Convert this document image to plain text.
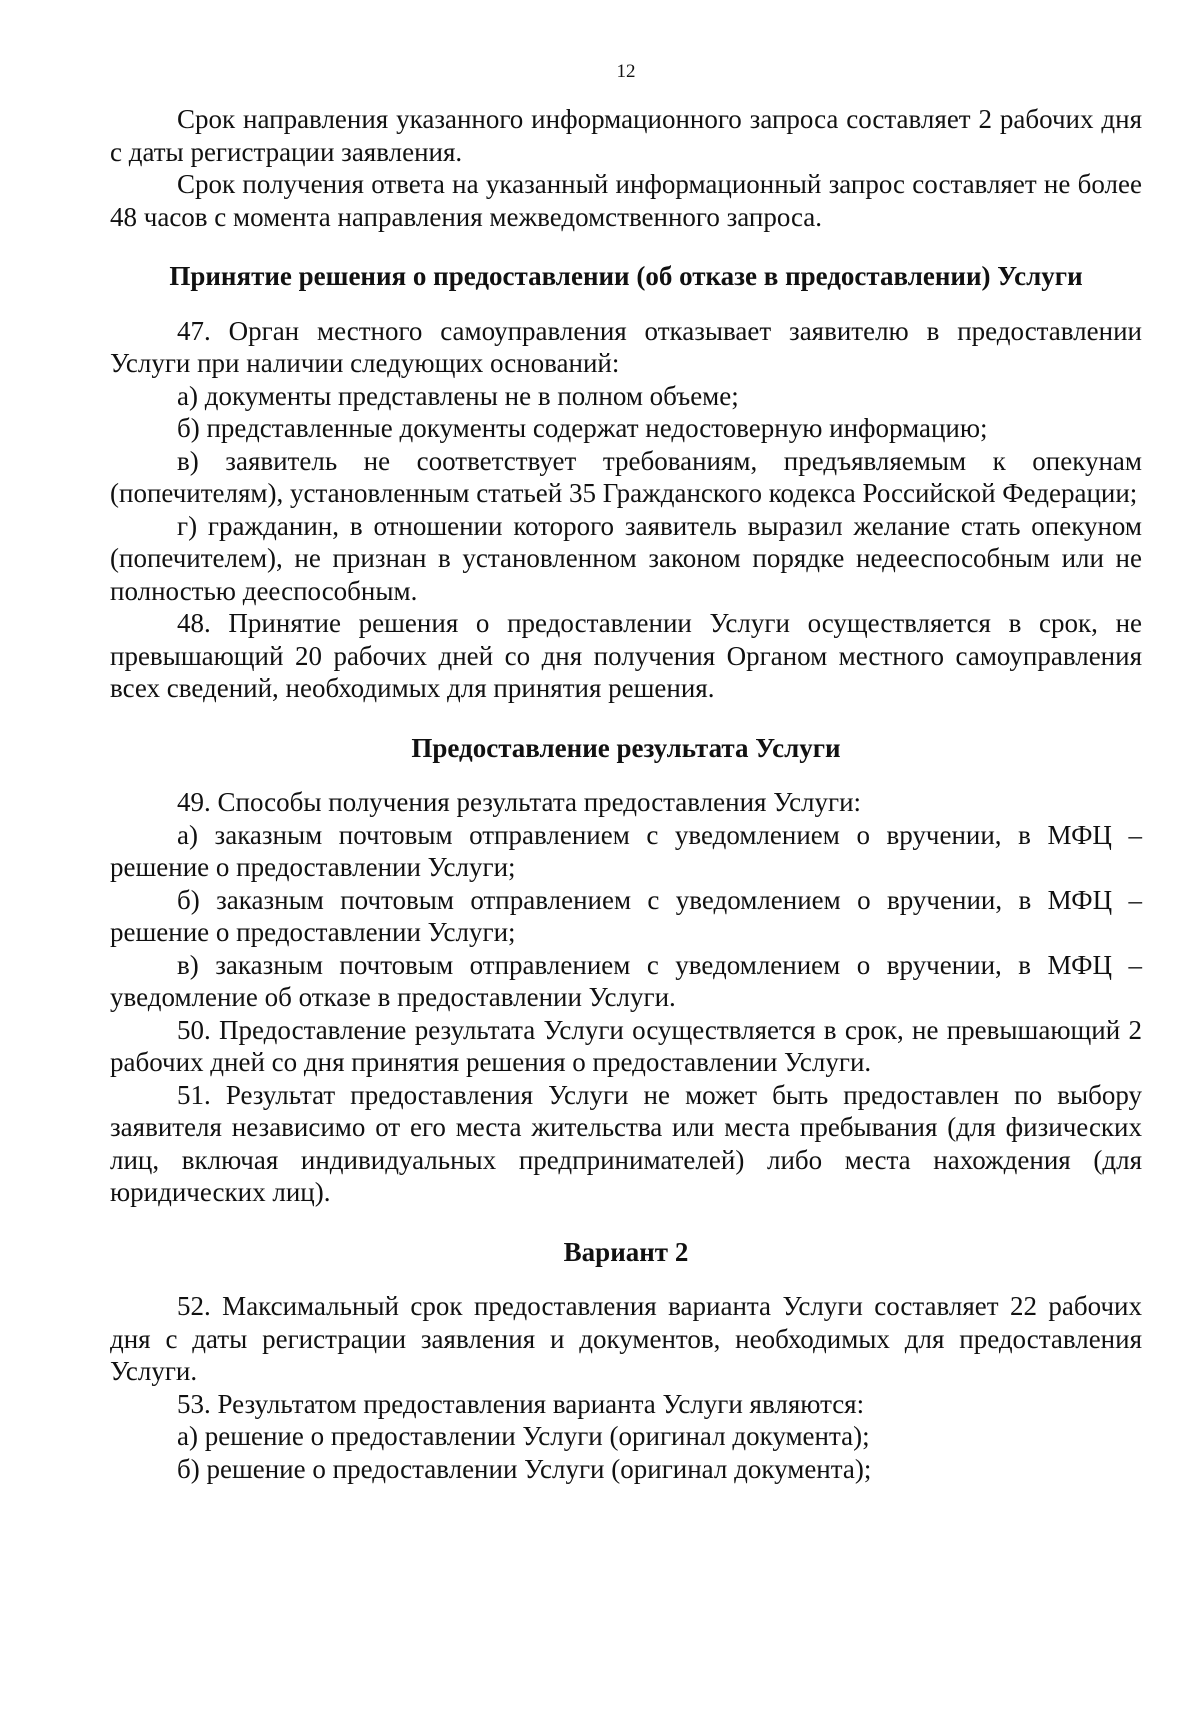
12

Срок направления указанного информационного запроса составляет 2 рабочих дня с даты регистрации заявления.

Срок получения ответа на указанный информационный запрос составляет не более 48 часов с момента направления межведомственного запроса.

Принятие решения о предоставлении (об отказе в предоставлении) Услуги

47. Орган местного самоуправления отказывает заявителю в предоставлении Услуги при наличии следующих оснований:

а) документы представлены не в полном объеме;

б) представленные документы содержат недостоверную информацию;

в) заявитель не соответствует требованиям, предъявляемым к опекунам (попечителям), установленным статьей 35 Гражданского кодекса Российской Федерации;

г) гражданин, в отношении которого заявитель выразил желание стать опекуном (попечителем), не признан в установленном законом порядке недееспособным или не полностью дееспособным.

48. Принятие решения о предоставлении Услуги осуществляется в срок, не превышающий 20 рабочих дней со дня получения Органом местного самоуправления всех сведений, необходимых для принятия решения.

Предоставление результата Услуги

49. Способы получения результата предоставления Услуги:

а) заказным почтовым отправлением с уведомлением о вручении, в МФЦ – решение о предоставлении Услуги;

б) заказным почтовым отправлением с уведомлением о вручении, в МФЦ – решение о предоставлении Услуги;

в) заказным почтовым отправлением с уведомлением о вручении, в МФЦ – уведомление об отказе в предоставлении Услуги.

50. Предоставление результата Услуги осуществляется в срок, не превышающий 2 рабочих дней со дня принятия решения о предоставлении Услуги.

51. Результат предоставления Услуги не может быть предоставлен по выбору заявителя независимо от его места жительства или места пребывания (для физических лиц, включая индивидуальных предпринимателей) либо места нахождения (для юридических лиц).

Вариант 2

52. Максимальный срок предоставления варианта Услуги составляет 22 рабочих дня с даты регистрации заявления и документов, необходимых для предоставления Услуги.

53. Результатом предоставления варианта Услуги являются:

а) решение о предоставлении Услуги (оригинал документа);

б) решение о предоставлении Услуги (оригинал документа);
